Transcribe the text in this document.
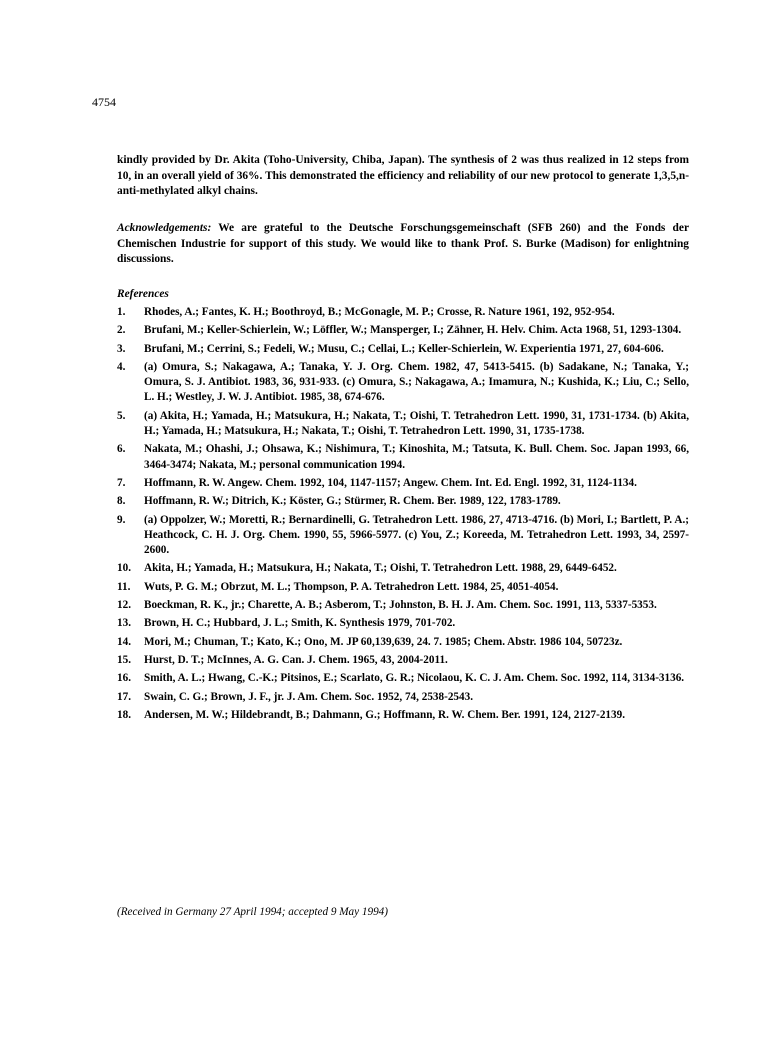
4754

kindly provided by Dr. Akita (Toho-University, Chiba, Japan). The synthesis of 2 was thus realized in 12 steps from 10, in an overall yield of 36%. This demonstrated the efficiency and reliability of our new protocol to generate 1,3,5,n-anti-methylated alkyl chains.

Acknowledgements: We are grateful to the Deutsche Forschungsgemeinschaft (SFB 260) and the Fonds der Chemischen Industrie for support of this study. We would like to thank Prof. S. Burke (Madison) for enlightning discussions.

References

1.	Rhodes, A.; Fantes, K. H.; Boothroyd, B.; McGonagle, M. P.; Crosse, R. Nature 1961, 192, 952-954.
2.	Brufani, M.; Keller-Schierlein, W.; Löffler, W.; Mansperger, I.; Zähner, H. Helv. Chim. Acta 1968, 51, 1293-1304.
3.	Brufani, M.; Cerrini, S.; Fedeli, W.; Musu, C.; Cellai, L.; Keller-Schierlein, W. Experientia 1971, 27, 604-606.
4.	(a) Omura, S.; Nakagawa, A.; Tanaka, Y. J. Org. Chem. 1982, 47, 5413-5415. (b) Sadakane, N.; Tanaka, Y.; Omura, S. J. Antibiot. 1983, 36, 931-933. (c) Omura, S.; Nakagawa, A.; Imamura, N.; Kushida, K.; Liu, C.; Sello, L. H.; Westley, J. W. J. Antibiot. 1985, 38, 674-676.
5.	(a) Akita, H.; Yamada, H.; Matsukura, H.; Nakata, T.; Oishi, T. Tetrahedron Lett. 1990, 31, 1731-1734. (b) Akita, H.; Yamada, H.; Matsukura, H.; Nakata, T.; Oishi, T. Tetrahedron Lett. 1990, 31, 1735-1738.
6.	Nakata, M.; Ohashi, J.; Ohsawa, K.; Nishimura, T.; Kinoshita, M.; Tatsuta, K. Bull. Chem. Soc. Japan 1993, 66, 3464-3474; Nakata, M.; personal communication 1994.
7.	Hoffmann, R. W. Angew. Chem. 1992, 104, 1147-1157; Angew. Chem. Int. Ed. Engl. 1992, 31, 1124-1134.
8.	Hoffmann, R. W.; Ditrich, K.; Köster, G.; Stürmer, R. Chem. Ber. 1989, 122, 1783-1789.
9.	(a) Oppolzer, W.; Moretti, R.; Bernardinelli, G. Tetrahedron Lett. 1986, 27, 4713-4716. (b) Mori, I.; Bartlett, P. A.; Heathcock, C. H. J. Org. Chem. 1990, 55, 5966-5977. (c) You, Z.; Koreeda, M. Tetrahedron Lett. 1993, 34, 2597-2600.
10.	Akita, H.; Yamada, H.; Matsukura, H.; Nakata, T.; Oishi, T. Tetrahedron Lett. 1988, 29, 6449-6452.
11.	Wuts, P. G. M.; Obrzut, M. L.; Thompson, P. A. Tetrahedron Lett. 1984, 25, 4051-4054.
12.	Boeckman, R. K., jr.; Charette, A. B.; Asberom, T.; Johnston, B. H. J. Am. Chem. Soc. 1991, 113, 5337-5353.
13.	Brown, H. C.; Hubbard, J. L.; Smith, K. Synthesis 1979, 701-702.
14.	Mori, M.; Chuman, T.; Kato, K.; Ono, M. JP 60,139,639, 24. 7. 1985; Chem. Abstr. 1986 104, 50723z.
15.	Hurst, D. T.; McInnes, A. G. Can. J. Chem. 1965, 43, 2004-2011.
16.	Smith, A. L.; Hwang, C.-K.; Pitsinos, E.; Scarlato, G. R.; Nicolaou, K. C. J. Am. Chem. Soc. 1992, 114, 3134-3136.
17.	Swain, C. G.; Brown, J. F., jr. J. Am. Chem. Soc. 1952, 74, 2538-2543.
18.	Andersen, M. W.; Hildebrandt, B.; Dahmann, G.; Hoffmann, R. W. Chem. Ber. 1991, 124, 2127-2139.

(Received in Germany 27 April 1994; accepted 9 May 1994)
